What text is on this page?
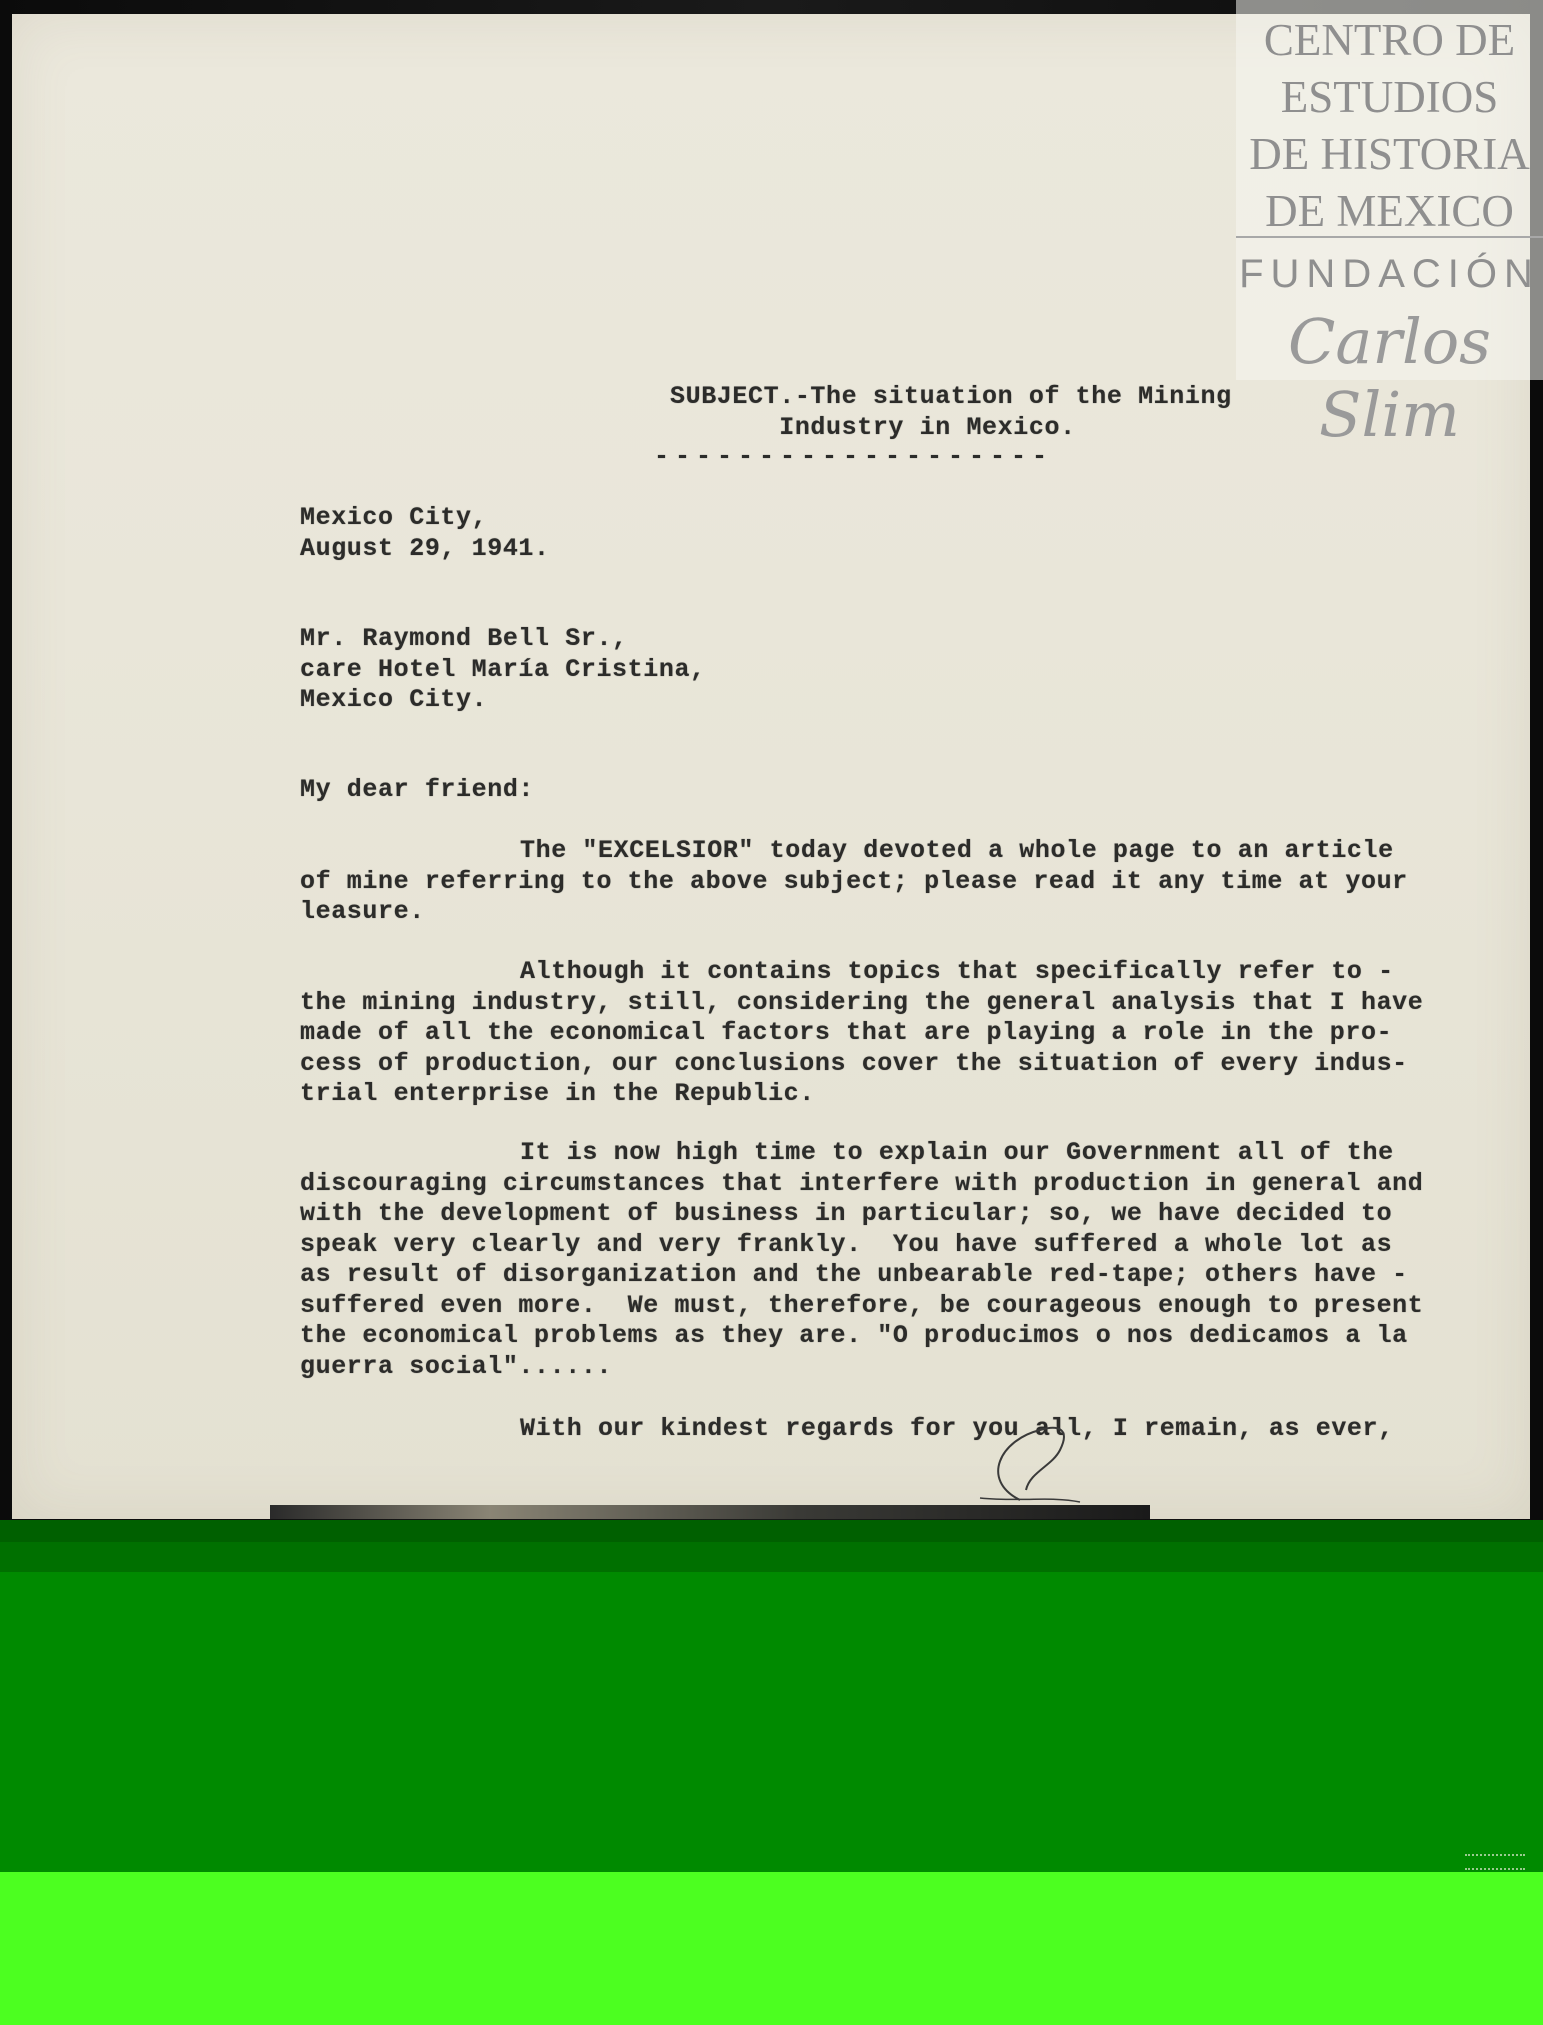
CENTRO DE
ESTUDIOS
DE HISTORIA
DE MEXICO
FUNDACIÓN
Carlos Slim
SUBJECT.-The situation of the Mining
Industry in Mexico.
-------------------
Mexico City,
August 29, 1941.
Mr. Raymond Bell Sr.,
care Hotel María Cristina,
Mexico City.
My dear friend:
The "EXCELSIOR" today devoted a whole page to an article
of mine referring to the above subject; please read it any time at your
leasure.
Although it contains topics that specifically refer to -
the mining industry, still, considering the general analysis that I have
made of all the economical factors that are playing a role in the pro-
cess of production, our conclusions cover the situation of every indus-
trial enterprise in the Republic.
It is now high time to explain our Government all of the
discouraging circumstances that interfere with production in general and
with the development of business in particular; so, we have decided to
speak very clearly and very frankly.  You have suffered a whole lot as
as result of disorganization and the unbearable red-tape; others have -
suffered even more.  We must, therefore, be courageous enough to present
the economical problems as they are. "O producimos o nos dedicamos a la
guerra social"......
With our kindest regards for you all, I remain, as ever,
